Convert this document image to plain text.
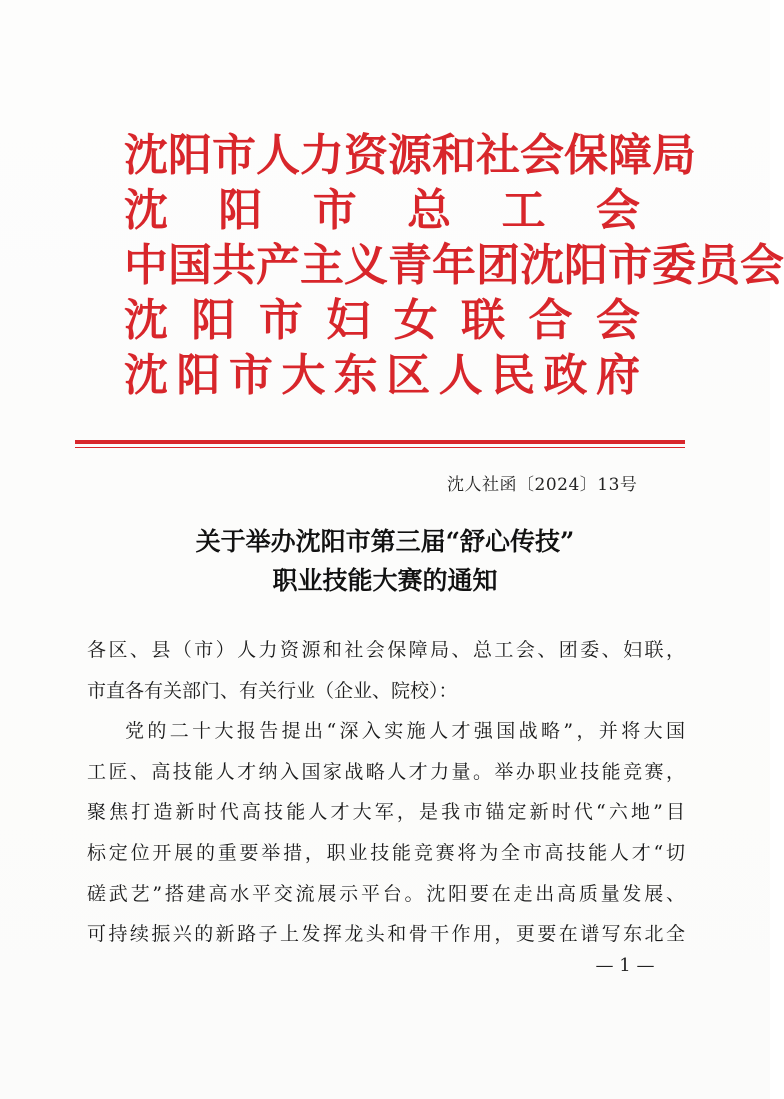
沈阳市人力资源和社会保障局
沈 阳 市 总 工 会
中国共产主义青年团沈阳市委员会
沈 阳 市 妇 女 联 合 会
沈 阳 市 大 东 区 人 民 政 府
沈人社函〔2024〕13号
关于举办沈阳市第三届“舒心传技”
职业技能大赛的通知
各区、县（市）人力资源和社会保障局、总工会、团委、妇联，
市直各有关部门、有关行业（企业、院校）：
党的二十大报告提出“深入实施人才强国战略”，并将大国
工匠、高技能人才纳入国家战略人才力量。举办职业技能竞赛，
聚焦打造新时代高技能人才大军，是我市锚定新时代“六地”目
标定位开展的重要举措，职业技能竞赛将为全市高技能人才“切
磋武艺”搭建高水平交流展示平台。沈阳要在走出高质量发展、
可持续振兴的新路子上发挥龙头和骨干作用，更要在谱写东北全
— 1 —
